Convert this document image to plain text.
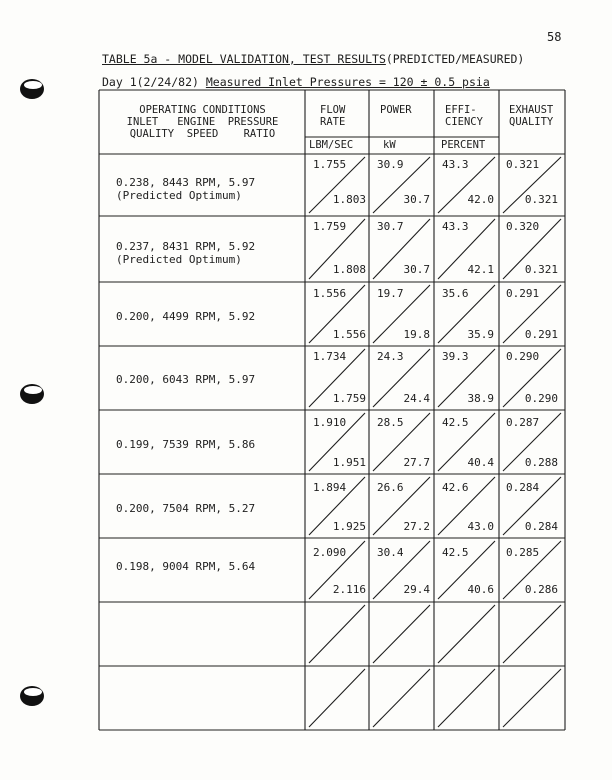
58
TABLE 5a - MODEL VALIDATION, TEST RESULTS(PREDICTED/MEASURED)
Day 1(2/24/82) Measured Inlet Pressures = 120 ± 0.5 psia
OPERATING CONDITIONS
INLET   ENGINE  PRESSURE
QUALITY  SPEED    RATIO
FLOW
RATE
LBM/SEC
POWER
kW
EFFI-
CIENCY
PERCENT
EXHAUST
QUALITY
0.238, 8443 RPM, 5.97
(Predicted Optimum)
1.755
1.803
30.9
30.7
43.3
42.0
0.321
0.321
0.237, 8431 RPM, 5.92
(Predicted Optimum)
1.759
1.808
30.7
30.7
43.3
42.1
0.320
0.321
0.200, 4499 RPM, 5.92
1.556
1.556
19.7
19.8
35.6
35.9
0.291
0.291
0.200, 6043 RPM, 5.97
1.734
1.759
24.3
24.4
39.3
38.9
0.290
0.290
0.199, 7539 RPM, 5.86
1.910
1.951
28.5
27.7
42.5
40.4
0.287
0.288
0.200, 7504 RPM, 5.27
1.894
1.925
26.6
27.2
42.6
43.0
0.284
0.284
0.198, 9004 RPM, 5.64
2.090
2.116
30.4
29.4
42.5
40.6
0.285
0.286
